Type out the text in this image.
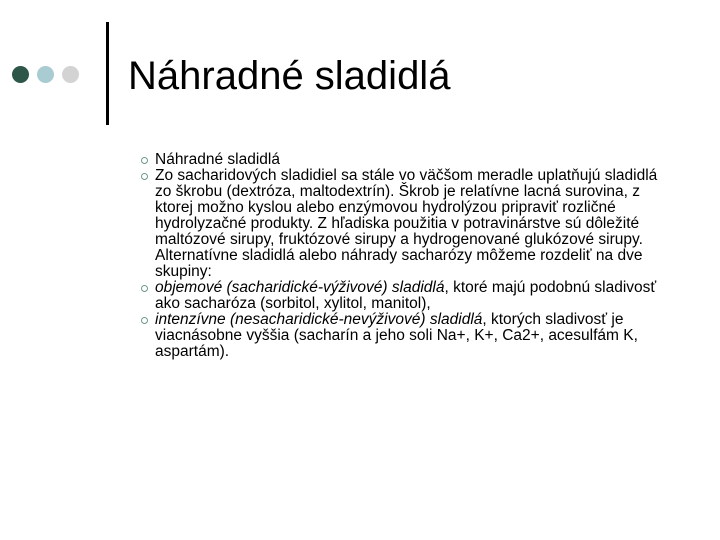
Náhradné sladidlá
Náhradné sladidlá
Zo sacharidových sladidiel sa stále vo väčšom meradle uplatňujú sladidlá zo škrobu (dextróza, maltodextrín). Škrob je relatívne lacná surovina, z ktorej možno kyslou alebo enzýmovou hydrolýzou pripraviť rozličné hydrolyzačné produkty. Z hľadiska použitia v potravinárstve sú dôležité maltózové sirupy, fruktózové sirupy a hydrogenované glukózové sirupy. Alternatívne sladidlá alebo náhrady sacharózy môžeme rozdeliť na dve skupiny:
objemové (sacharidické-výživové) sladidlá, ktoré majú podobnú sladivosť ako sacharóza (sorbitol, xylitol, manitol),
intenzívne (nesacharidické-nevýživové) sladidlá, ktorých sladivosť je viacnásobne vyššia (sacharín a jeho soli Na+, K+, Ca2+, acesulfám K, aspartám).
